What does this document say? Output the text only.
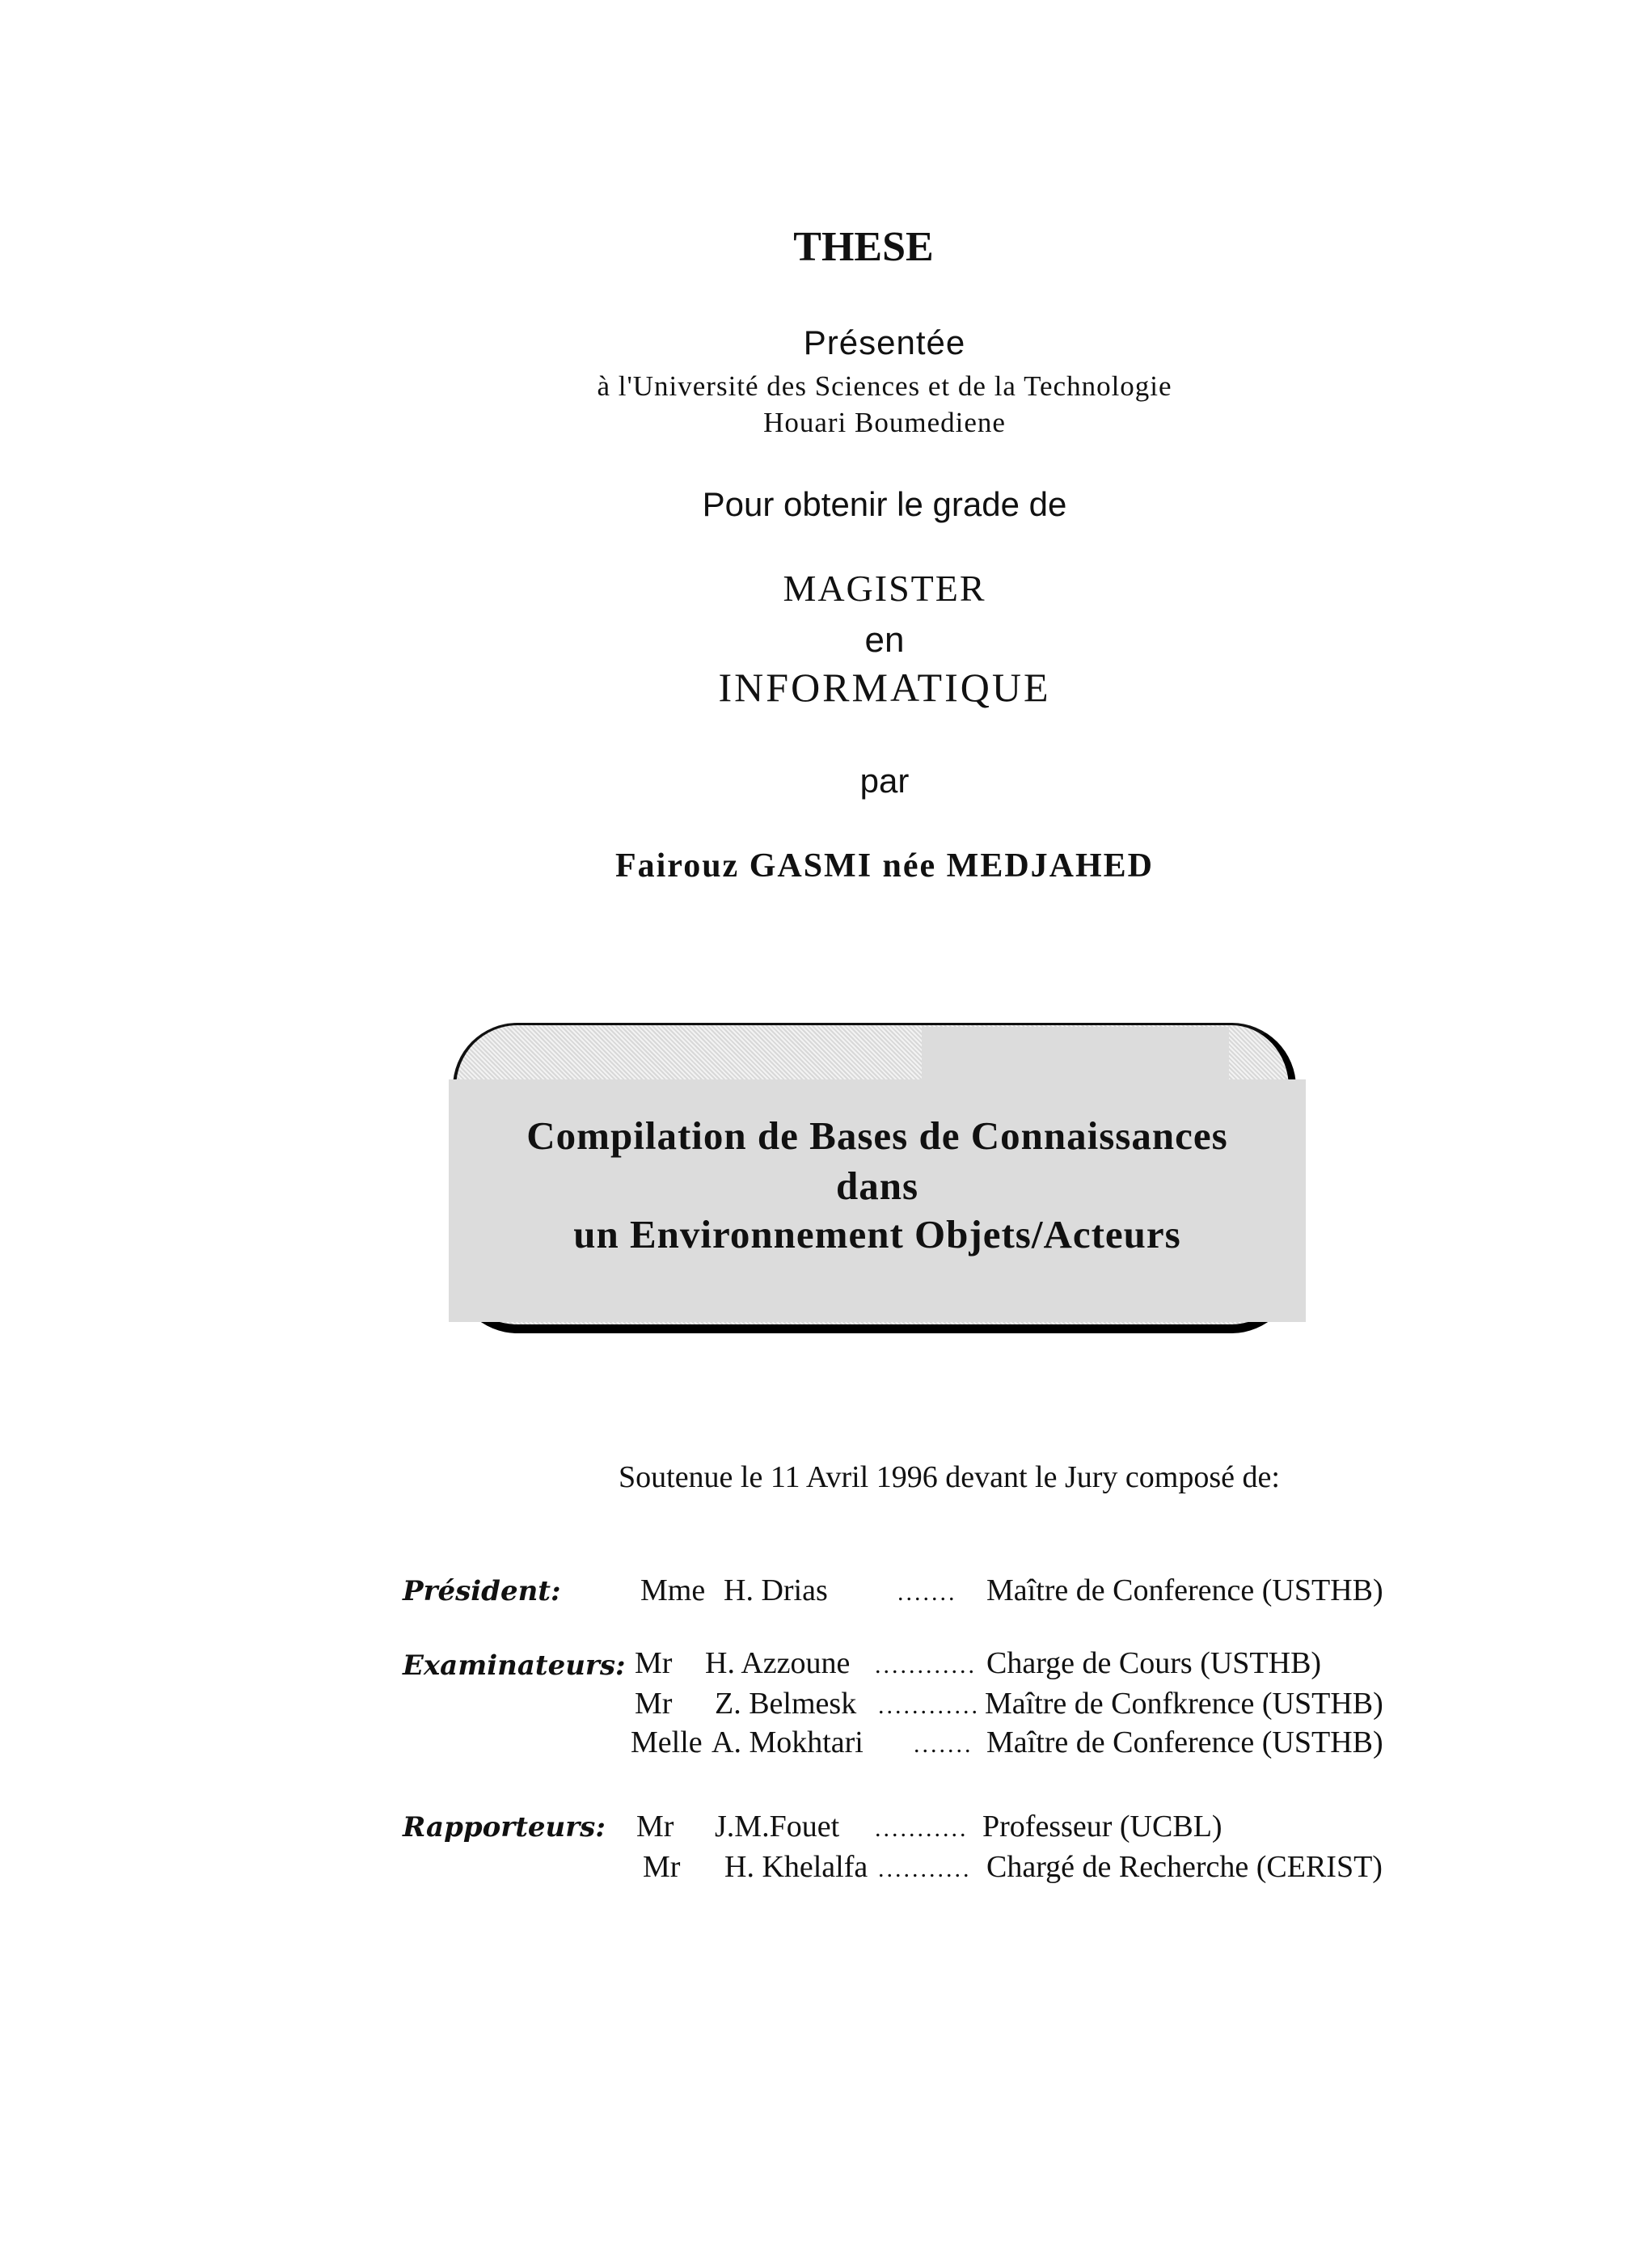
THESE
Présentée
à l'Université des Sciences et de la Technologie
Houari Boumediene
Pour obtenir le grade de
MAGISTER
en
INFORMATIQUE
par
Fairouz GASMI née MEDJAHED
Compilation de Bases de Connaissances
dans
un Environnement Objets/Acteurs
Soutenue le 11 Avril 1996 devant le Jury composé de:
Président:	Mme H. Drias	....... Maître de Conference (USTHB)
Examinateurs: Mr H. Azzoune ............ Charge de Cours (USTHB)
Mr Z. Belmesk ............ Maître de Confkrence (USTHB)
Melle A. Mokhtari ....... Maître de Conference (USTHB)
Rapporteurs: Mr J.M.Fouet ........... Professeur (UCBL)
Mr H. Khelalfa ........... Chargé de Recherche (CERIST)
